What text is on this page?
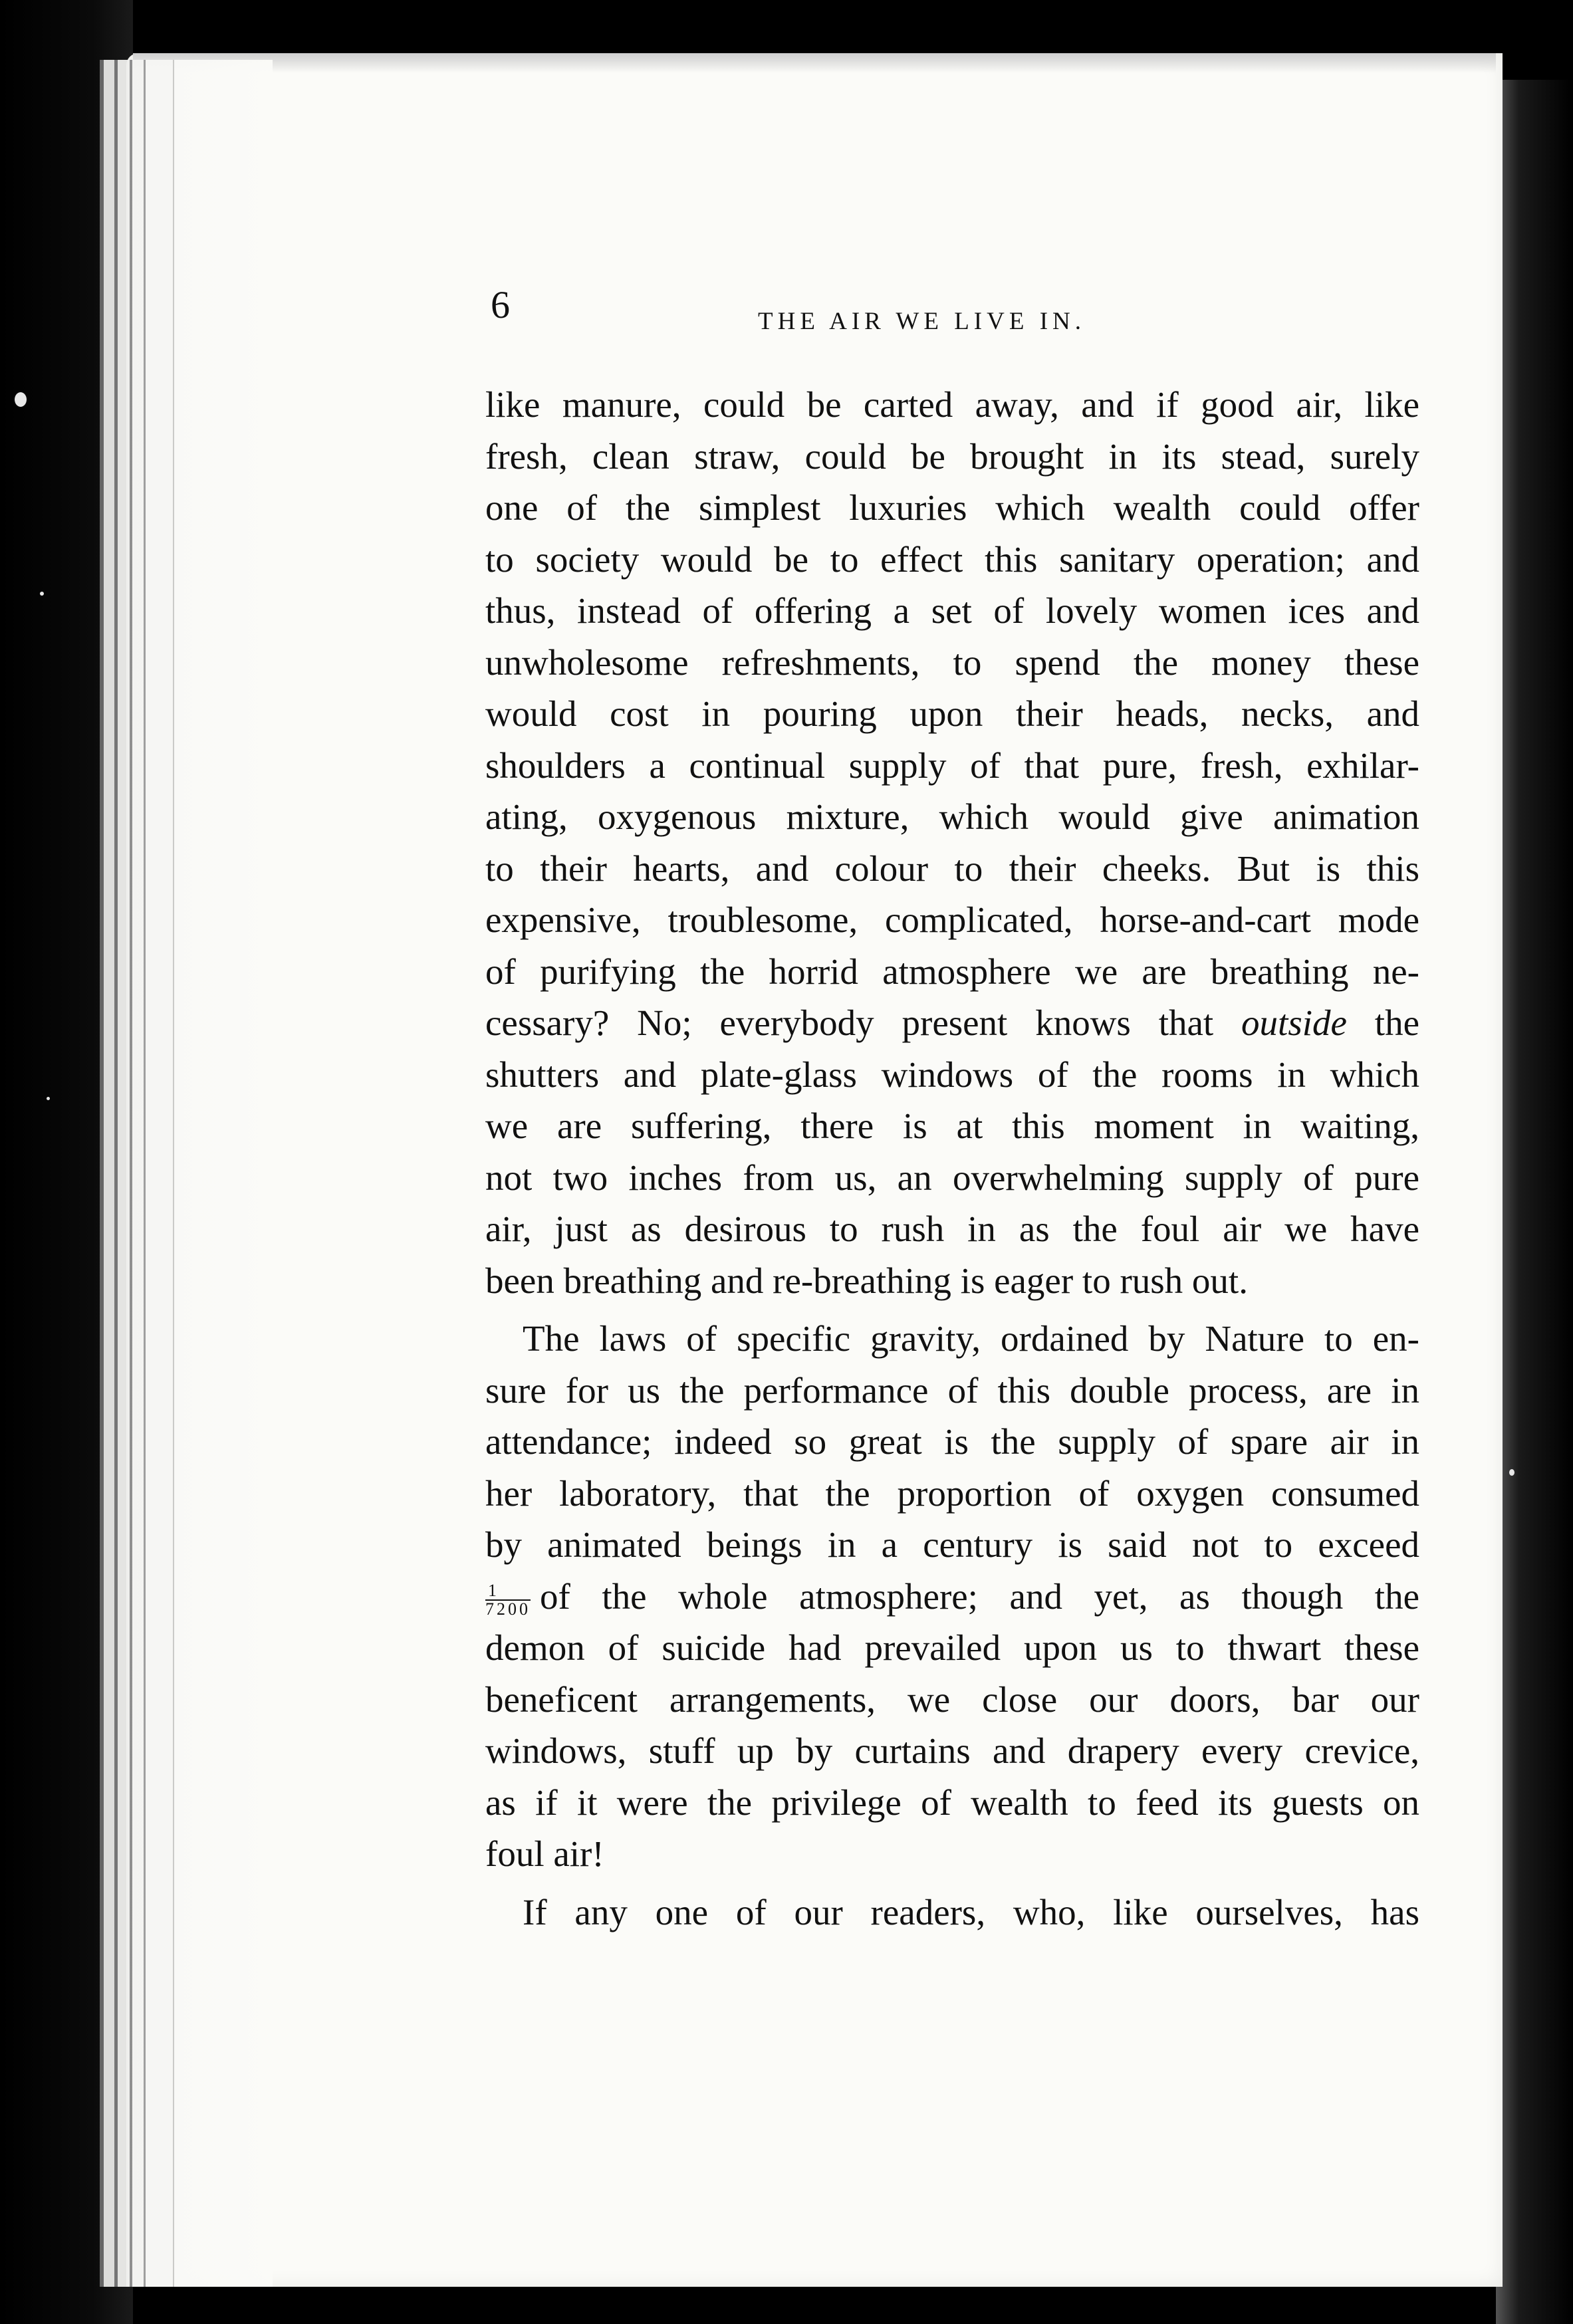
6	THE AIR WE LIVE IN.
like manure, could be carted away, and if good air, like
fresh, clean straw, could be brought in its stead, surely
one of the simplest luxuries which wealth could offer
to society would be to effect this sanitary operation; and
thus, instead of offering a set of lovely women ices and
unwholesome refreshments, to spend the money these
would cost in pouring upon their heads, necks, and
shoulders a continual supply of that pure, fresh, exhilar-
ating, oxygenous mixture, which would give animation
to their hearts, and colour to their cheeks. But is this
expensive, troublesome, complicated, horse-and-cart mode
of purifying the horrid atmosphere we are breathing ne-
cessary? No; everybody present knows that outside the
shutters and plate-glass windows of the rooms in which
we are suffering, there is at this moment in waiting,
not two inches from us, an overwhelming supply of pure
air, just as desirous to rush in as the foul air we have
been breathing and re-breathing is eager to rush out.
The laws of specific gravity, ordained by Nature to en-
sure for us the performance of this double process, are in
attendance; indeed so great is the supply of spare air in
her laboratory, that the proportion of oxygen consumed
by animated beings in a century is said not to exceed
$\frac{1}{7200}$ of the whole atmosphere; and yet, as though the
demon of suicide had prevailed upon us to thwart these
beneficent arrangements, we close our doors, bar our
windows, stuff up by curtains and drapery every crevice,
as if it were the privilege of wealth to feed its guests on
foul air!
If any one of our readers, who, like ourselves, has
